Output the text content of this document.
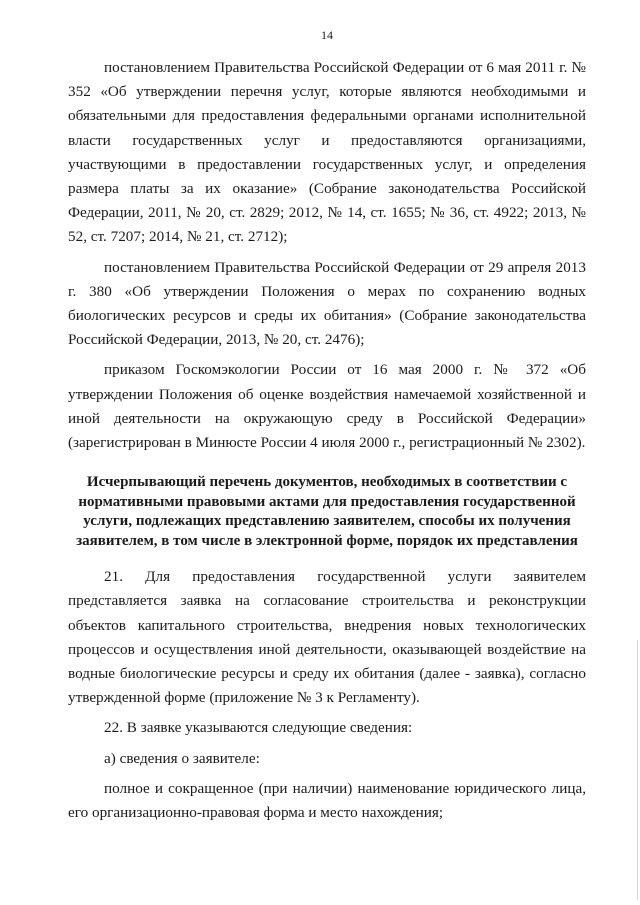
14

постановлением Правительства Российской Федерации от 6 мая 2011 г. № 352 «Об утверждении перечня услуг, которые являются необходимыми и обязательными для предоставления федеральными органами исполнительной власти государственных услуг и предоставляются организациями, участвующими в предоставлении государственных услуг, и определения размера платы за их оказание» (Собрание законодательства Российской Федерации, 2011, № 20, ст. 2829; 2012, № 14, ст. 1655; № 36, ст. 4922; 2013, № 52, ст. 7207; 2014, № 21, ст. 2712);

постановлением Правительства Российской Федерации от 29 апреля 2013 г. 380 «Об утверждении Положения о мерах по сохранению водных биологических ресурсов и среды их обитания» (Собрание законодательства Российской Федерации, 2013, № 20, ст. 2476);

приказом Госкомэкологии России от 16 мая 2000 г. № 372 «Об утверждении Положения об оценке воздействия намечаемой хозяйственной и иной деятельности на окружающую среду в Российской Федерации» (зарегистрирован в Минюсте России 4 июля 2000 г., регистрационный № 2302).

Исчерпывающий перечень документов, необходимых в соответствии с нормативными правовыми актами для предоставления государственной услуги, подлежащих представлению заявителем, способы их получения заявителем, в том числе в электронной форме, порядок их представления

21. Для предоставления государственной услуги заявителем представляется заявка на согласование строительства и реконструкции объектов капитального строительства, внедрения новых технологических процессов и осуществления иной деятельности, оказывающей воздействие на водные биологические ресурсы и среду их обитания (далее - заявка), согласно утвержденной форме (приложение № 3 к Регламенту).

22. В заявке указываются следующие сведения:

а) сведения о заявителе:

полное и сокращенное (при наличии) наименование юридического лица, его организационно-правовая форма и место нахождения;
